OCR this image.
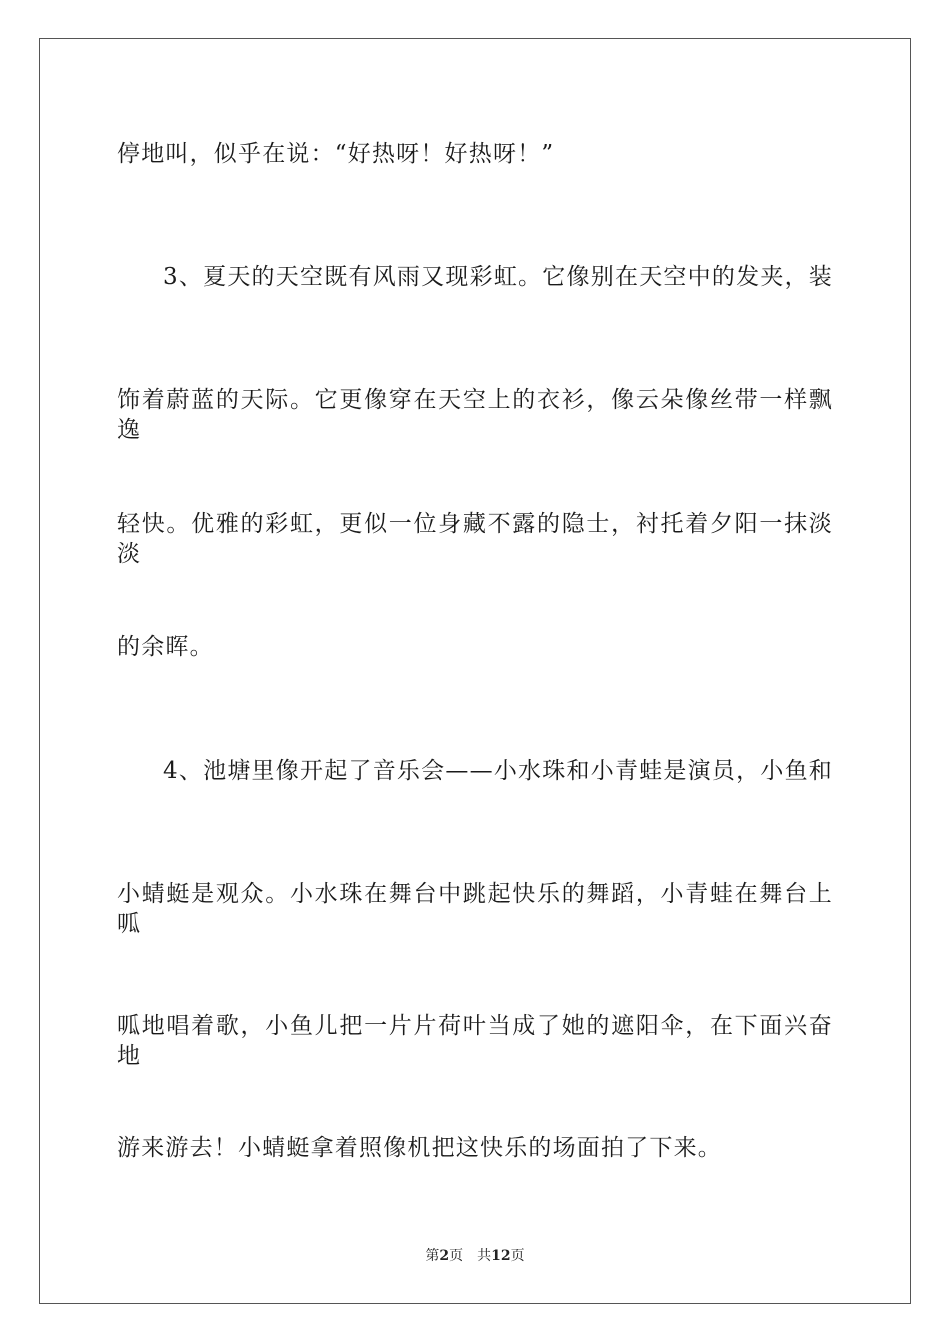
停地叫，似乎在说：“好热呀！好热呀！”
3、夏天的天空既有风雨又现彩虹。它像别在天空中的发夹，装
饰着蔚蓝的天际。它更像穿在天空上的衣衫，像云朵像丝带一样飘逸
轻快。优雅的彩虹，更似一位身藏不露的隐士，衬托着夕阳一抹淡淡
的余晖。
4、池塘里像开起了音乐会——小水珠和小青蛙是演员，小鱼和
小蜻蜓是观众。小水珠在舞台中跳起快乐的舞蹈，小青蛙在舞台上呱
呱地唱着歌，小鱼儿把一片片荷叶当成了她的遮阳伞，在下面兴奋地
游来游去！小蜻蜓拿着照像机把这快乐的场面拍了下来。
第2页 共12页
